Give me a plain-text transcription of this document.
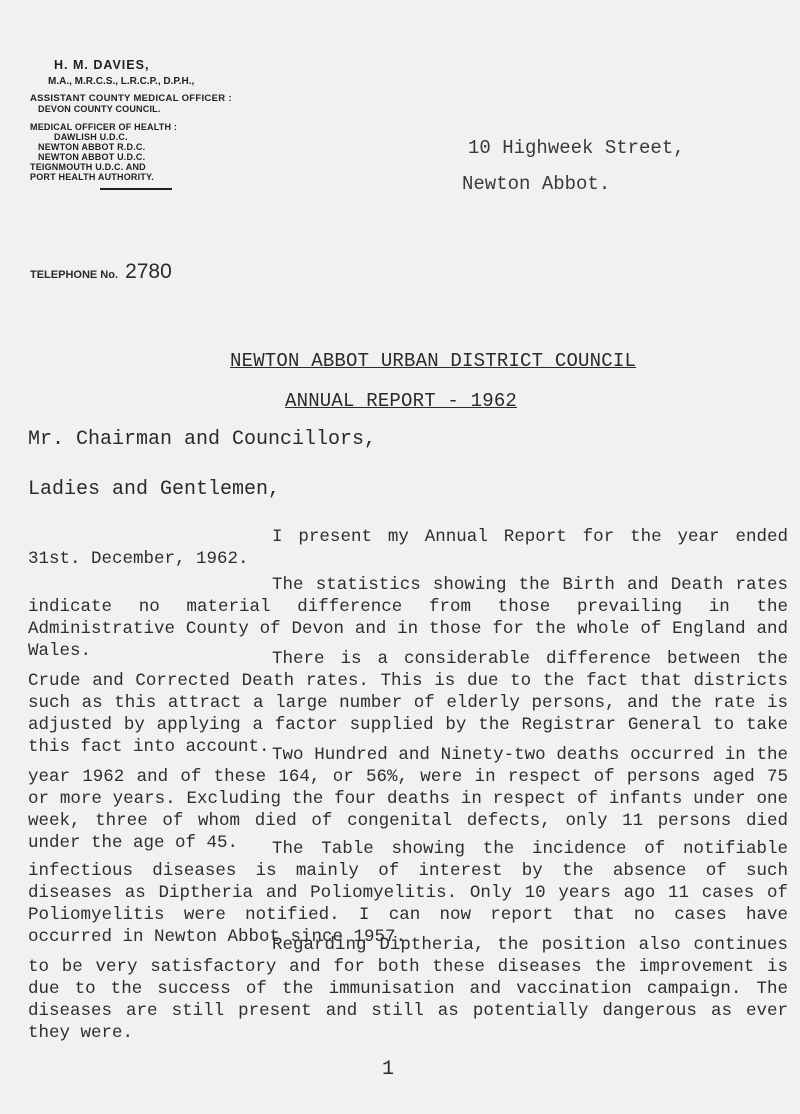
H. M. DAVIES,
M.A., M.R.C.S., L.R.C.P., D.P.H.,
ASSISTANT COUNTY MEDICAL OFFICER :
DEVON COUNTY COUNCIL.
MEDICAL OFFICER OF HEALTH :
DAWLISH U.D.C.
NEWTON ABBOT R.D.C.
NEWTON ABBOT U.D.C.
TEIGNMOUTH U.D.C. AND
PORT HEALTH AUTHORITY.
TELEPHONE No. 2780
10 Highweek Street,
Newton Abbot.
NEWTON ABBOT URBAN DISTRICT COUNCIL
ANNUAL REPORT - 1962
Mr. Chairman and Councillors,
Ladies and Gentlemen,
I present my Annual Report for the year ended 31st. December, 1962.
The statistics showing the Birth and Death rates indicate no material difference from those prevailing in the Administrative County of Devon and in those for the whole of England and Wales.	There is a considerable difference between the Crude and Corrected Death rates. This is due to the fact that districts such as this attract a large number of elderly persons, and the rate is adjusted by applying a factor supplied by the Registrar General to take this fact into account. Two Hundred and Ninety-two deaths occurred in the year 1962 and of these 164, or 56%, were in respect of persons aged 75 or more years. Excluding the four deaths in respect of infants under one week, three of whom died of congenital defects, only 11 persons died under the age of 45.	The Table showing the incidence of notifiable infectious diseases is mainly of interest by the absence of such diseases as Diptheria and Poliomyelitis. Only 10 years ago 11 cases of Poliomyelitis were notified. I can now report that no cases have occurred in Newton Abbot since 1957.
Regarding Diptheria, the position also continues to be very satisfactory and for both these diseases the improvement is due to the success of the immunisation and vaccination campaign. The diseases are still present and still as potentially dangerous as ever they were.
1
